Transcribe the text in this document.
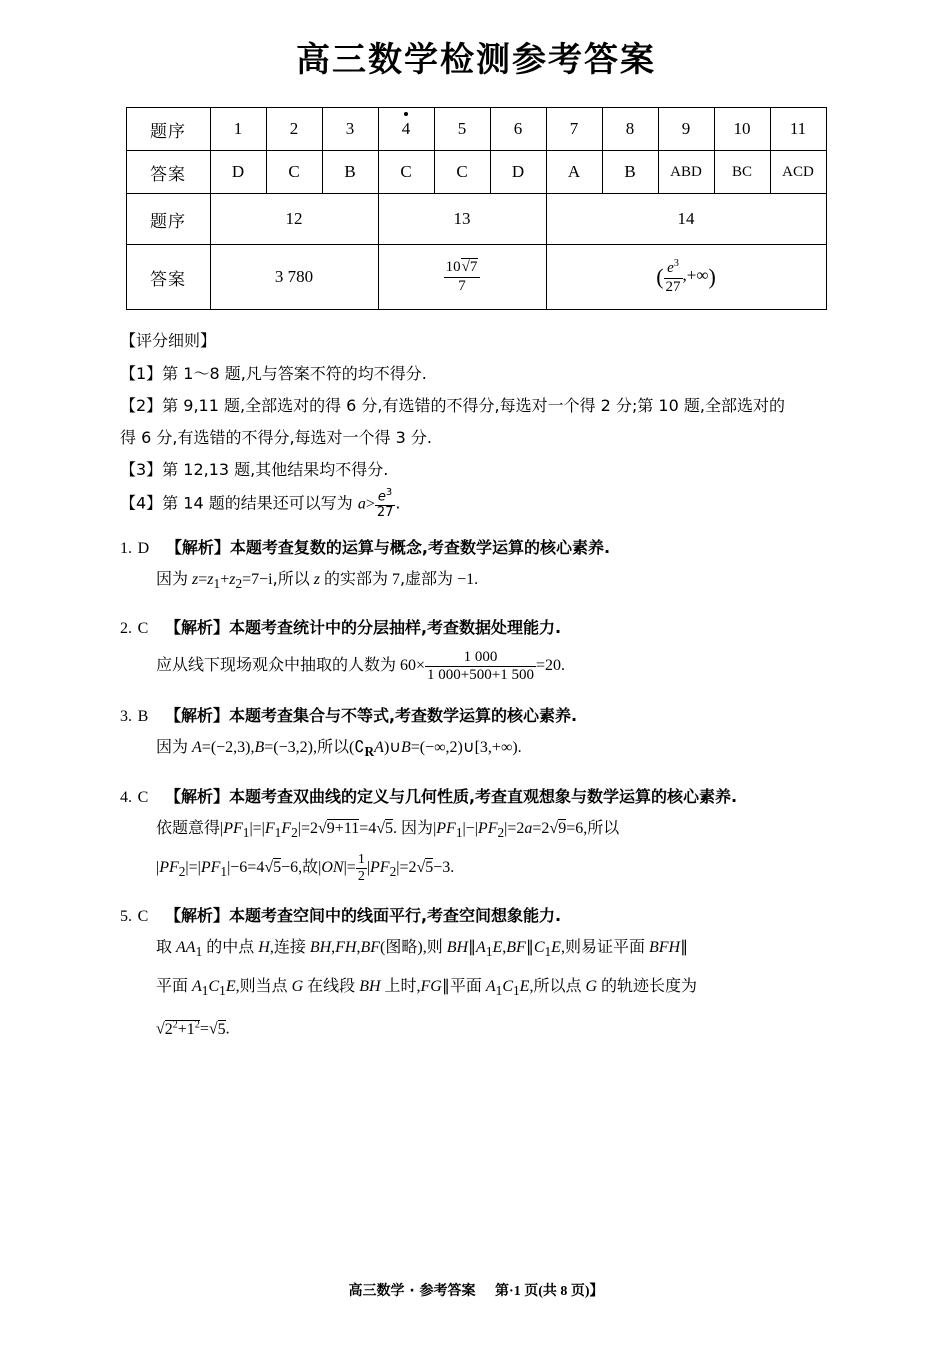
高三数学检测参考答案
题序	1	2	3	4	5	6	7	8	9	10	11
答案	D	C	B	C	C	D	A	B	ABD	BC	ACD
题序	12			13			14				
答案	3 780			$\frac{10√7}{7}$			( $\frac{e^3}{27}$ ,+∞)				
【评分细则】
【1】第 1～8 题,凡与答案不符的均不得分.
【2】第 9,11 题,全部选对的得 6 分,有选错的不得分,每选对一个得 2 分;第 10 题,全部选对的
得 6 分,有选错的不得分,每选对一个得 3 分.
【3】第 12,13 题,其他结果均不得分.
【4】第 14 题的结果还可以写为 $a> \frac{e^3}{27}$ .
1. D 【解析】本题考查复数的运算与概念,考查数学运算的核心素养.
因为 $z=z_1+z_2=7-i$,所以 z 的实部为 7,虚部为 −1.
2. C 【解析】本题考查统计中的分层抽样,考查数据处理能力.
应从线下现场观众中抽取的人数为 $60\times \frac{1 000}{1 000+500+1 500} =20$.
3. B 【解析】本题考查集合与不等式,考查数学运算的核心素养.
因为 A=(−2,3),B=(−3,2),所以$(∁_RA)\cup B=(-\infty,2)\cup[3,+\infty)$.
4. C 【解析】本题考查双曲线的定义与几何性质,考查直观想象与数学运算的核心素养.
依题意得$|PF_1|=|F_1F_2|=2√9+11=4√5$. 因为$|PF_1|-|PF_2|=2a=2√9=6$,所以
$|PF_2|=|PF_1|-6=4√5-6$,故$|ON|= \frac{1}{2} |PF_2|=2√5-3$.
5. C 【解析】本题考查空间中的线面平行,考查空间想象能力.
取 $AA_1$ 的中点 H,连接 BH,FH,BF(图略),则 $BH\parallel A_1E,BF\parallel C_1E$,则易证平面 BFH∥
平面 $A_1C_1E$,则当点 G 在线段 BH 上时,FG∥平面 $A_1C_1E$,所以点 G 的轨迹长度为
$√2^2+1^2=√5$.
高三数学 · 参考答案 第·1 页(共 8 页)】
